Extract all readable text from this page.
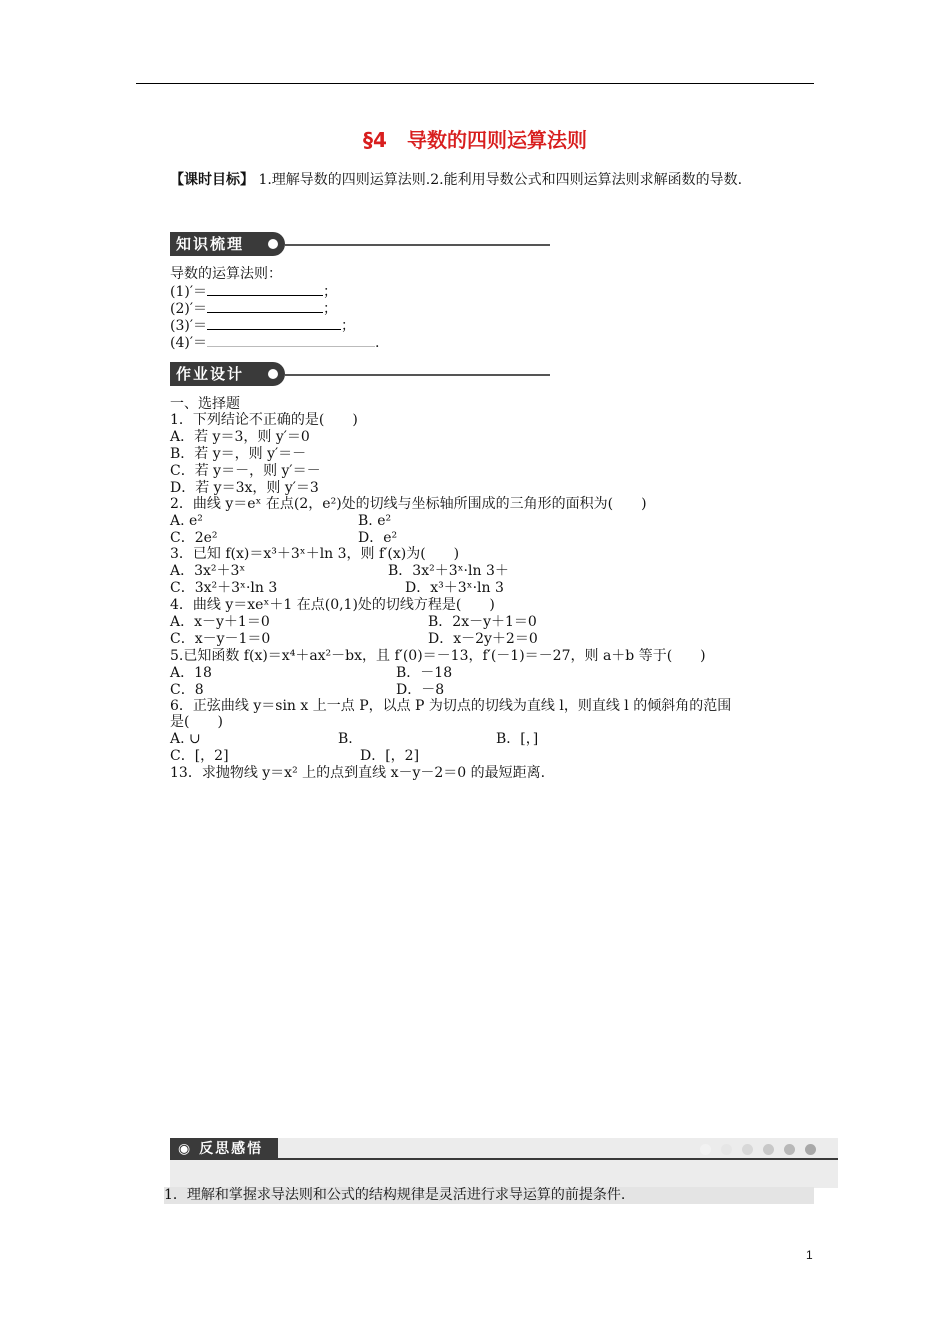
§4　导数的四则运算法则
【课时目标】 1.理解导数的四则运算法则.2.能利用导数公式和四则运算法则求解函数的导数.
知识梳理
导数的运算法则：
(1)′＝	；
(2)′＝	；
(3)′＝	；
(4)′＝	.
作业设计
一、选择题
1．下列结论不正确的是(　　)
A．若 y＝3，则 y′＝0
B．若 y＝，则 y′＝－
C．若 y＝－，则 y′＝－
D．若 y＝3x，则 y′＝3
2．曲线 y＝eˣ 在点(2，e²)处的切线与坐标轴所围成的三角形的面积为(　　)
A. e²	B. e²
C．2e²	D．e²
3．已知 f(x)＝x³＋3ˣ＋ln 3，则 f′(x)为(　　)
A．3x²＋3ˣ	B．3x²＋3ˣ·ln 3＋
C．3x²＋3ˣ·ln 3	D．x³＋3ˣ·ln 3
4．曲线 y＝xeˣ＋1 在点(0,1)处的切线方程是(　　)
A．x－y＋1＝0	B．2x－y＋1＝0
C．x－y－1＝0	D．x－2y＋2＝0
5.已知函数 f(x)＝x⁴＋ax²－bx，且 f′(0)＝－13，f′(－1)＝－27，则 a＋b 等于(　　)
A．18	B．－18
C．8	D．－8
6．正弦曲线 y＝sin x 上一点 P，以点 P 为切点的切线为直线 l，则直线 l 的倾斜角的范围
是(　　)
A. ∪	B.	B．[，]
C．[，2]	D．[，2]
13．求抛物线 y＝x² 上的点到直线 x－y－2＝0 的最短距离.
◉ 反思感悟
1．理解和掌握求导法则和公式的结构规律是灵活进行求导运算的前提条件.
1
